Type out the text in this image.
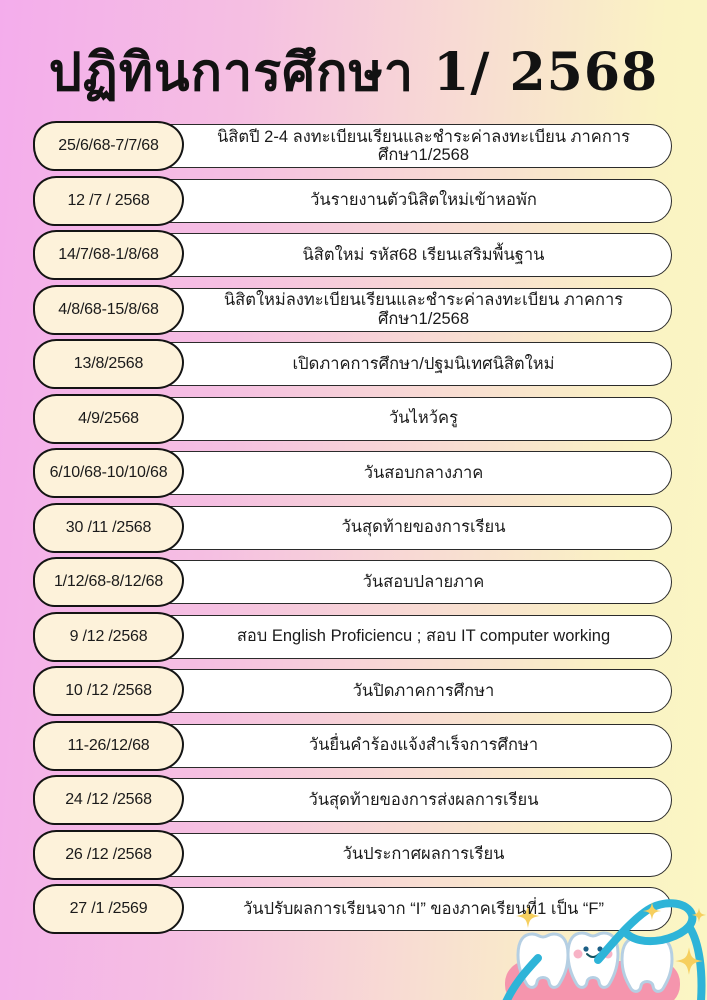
ปฏิทินการศึกษา 1/ 2568
นิสิตปี 2-4 ลงทะเบียนเรียนและชำระค่าลงทะเบียน ภาคการศึกษา1/2568
25/6/68-7/7/68
วันรายงานตัวนิสิตใหม่เข้าหอพัก
12 /7 / 2568
นิสิตใหม่ รหัส68 เรียนเสริมพื้นฐาน
14/7/68-1/8/68
นิสิตใหม่ลงทะเบียนเรียนและชำระค่าลงทะเบียน ภาคการศึกษา1/2568
4/8/68-15/8/68
เปิดภาคการศึกษา/ปฐมนิเทศนิสิตใหม่
13/8/2568
วันไหว้ครู
4/9/2568
วันสอบกลางภาค
6/10/68-10/10/68
วันสุดท้ายของการเรียน
30 /11 /2568
วันสอบปลายภาค
1/12/68-8/12/68
สอบ English Proficiencu ; สอบ IT computer working
9 /12 /2568
วันปิดภาคการศึกษา
10 /12 /2568
วันยื่นคำร้องแจ้งสำเร็จการศึกษา
11-26/12/68
วันสุดท้ายของการส่งผลการเรียน
24 /12 /2568
วันประกาศผลการเรียน
26 /12 /2568
วันปรับผลการเรียนจาก “I” ของภาคเรียนที่1 เป็น “F”
27 /1 /2569
